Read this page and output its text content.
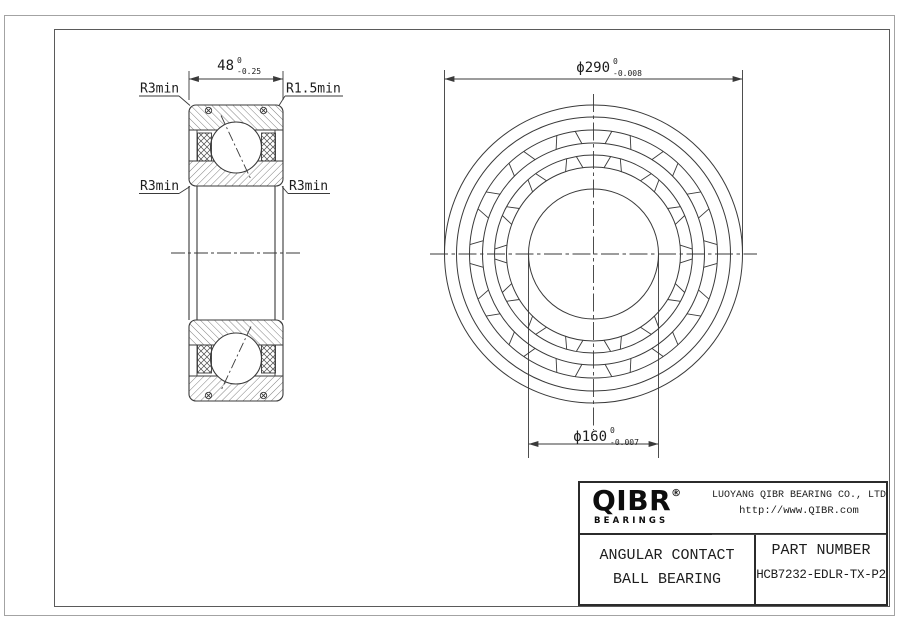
48 0
-0.25
R3min	R1.5min
R3min	R3min
ϕ290 0
-0.008
ϕ160 0
-0.007
QIBR®
BEARINGS
LUOYANG QIBR BEARING CO., LTD
http://www.QIBR.com
ANGULAR CONTACT
BALL BEARING
PART NUMBER
HCB7232-EDLR-TX-P2
